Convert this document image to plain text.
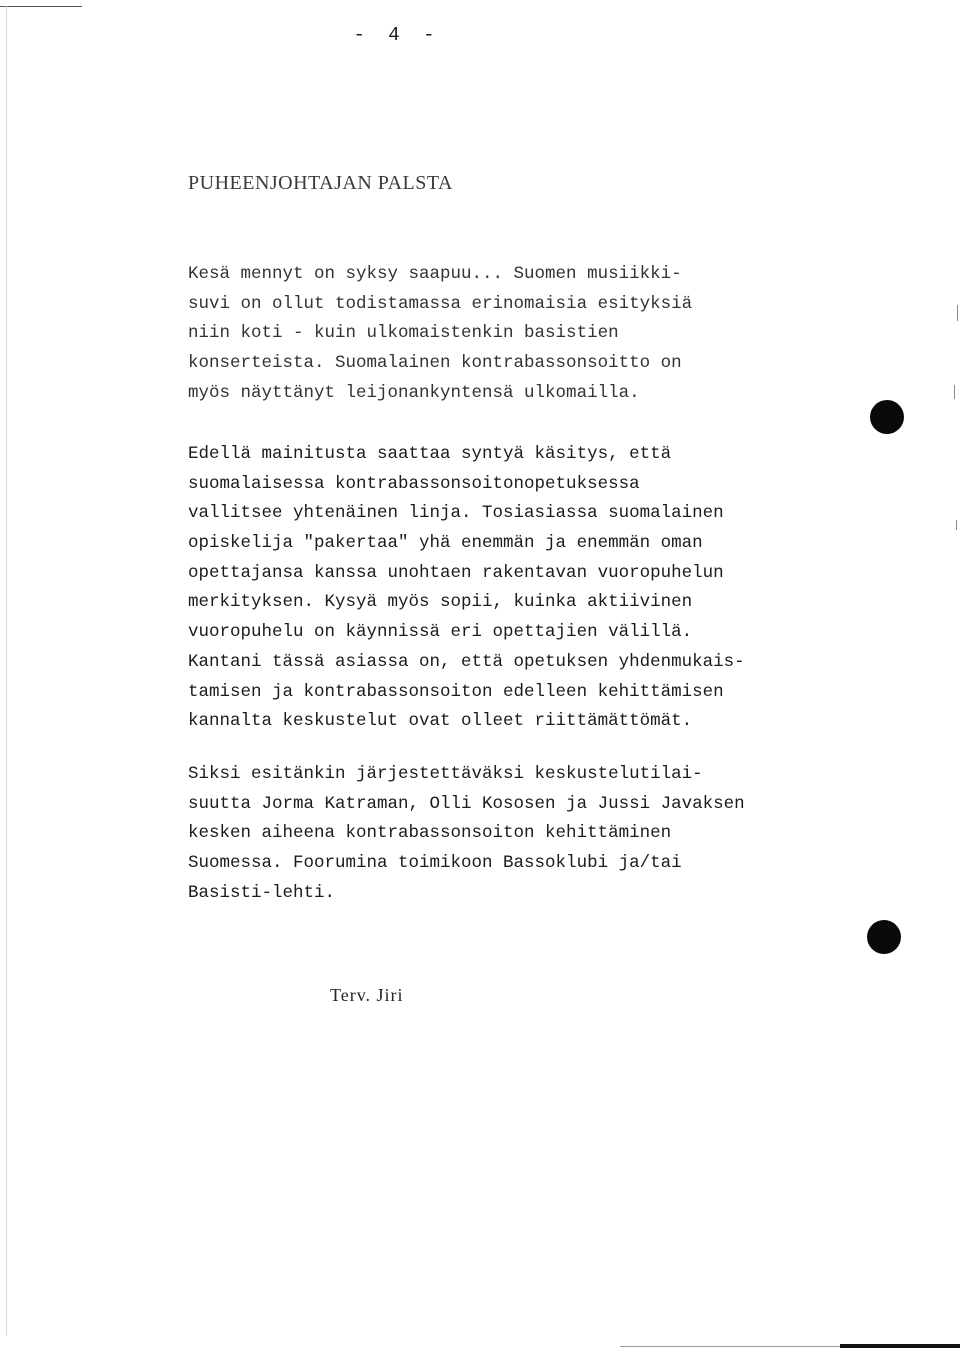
- 4 -
PUHEENJOHTAJAN PALSTA
Kesä mennyt on syksy saapuu... Suomen musiikki-
suvi on ollut todistamassa erinomaisia esityksiä
niin koti - kuin ulkomaistenkin basistien
konserteista. Suomalainen kontrabassonsoitto on
myös näyttänyt leijonankyntensä ulkomailla.
Edellä mainitusta saattaa syntyä käsitys, että
suomalaisessa kontrabassonsoitonopetuksessa
vallitsee yhtenäinen linja. Tosiasiassa suomalainen
opiskelija "pakertaa" yhä enemmän ja enemmän oman
opettajansa kanssa unohtaen rakentavan vuoropuhelun
merkityksen. Kysyä myös sopii, kuinka aktiivinen
vuoropuhelu on käynnissä eri opettajien välillä.
Kantani tässä asiassa on, että opetuksen yhdenmukais-
tamisen ja kontrabassonsoiton edelleen kehittämisen
kannalta keskustelut ovat olleet riittämättömät.
Siksi esitänkin järjestettäväksi keskustelutilai-
suutta Jorma Katraman, Olli Kososen ja Jussi Javaksen
kesken aiheena kontrabassonsoiton kehittäminen
Suomessa. Foorumina toimikoon Bassoklubi ja/tai
Basisti-lehti.
Terv. Jiri
